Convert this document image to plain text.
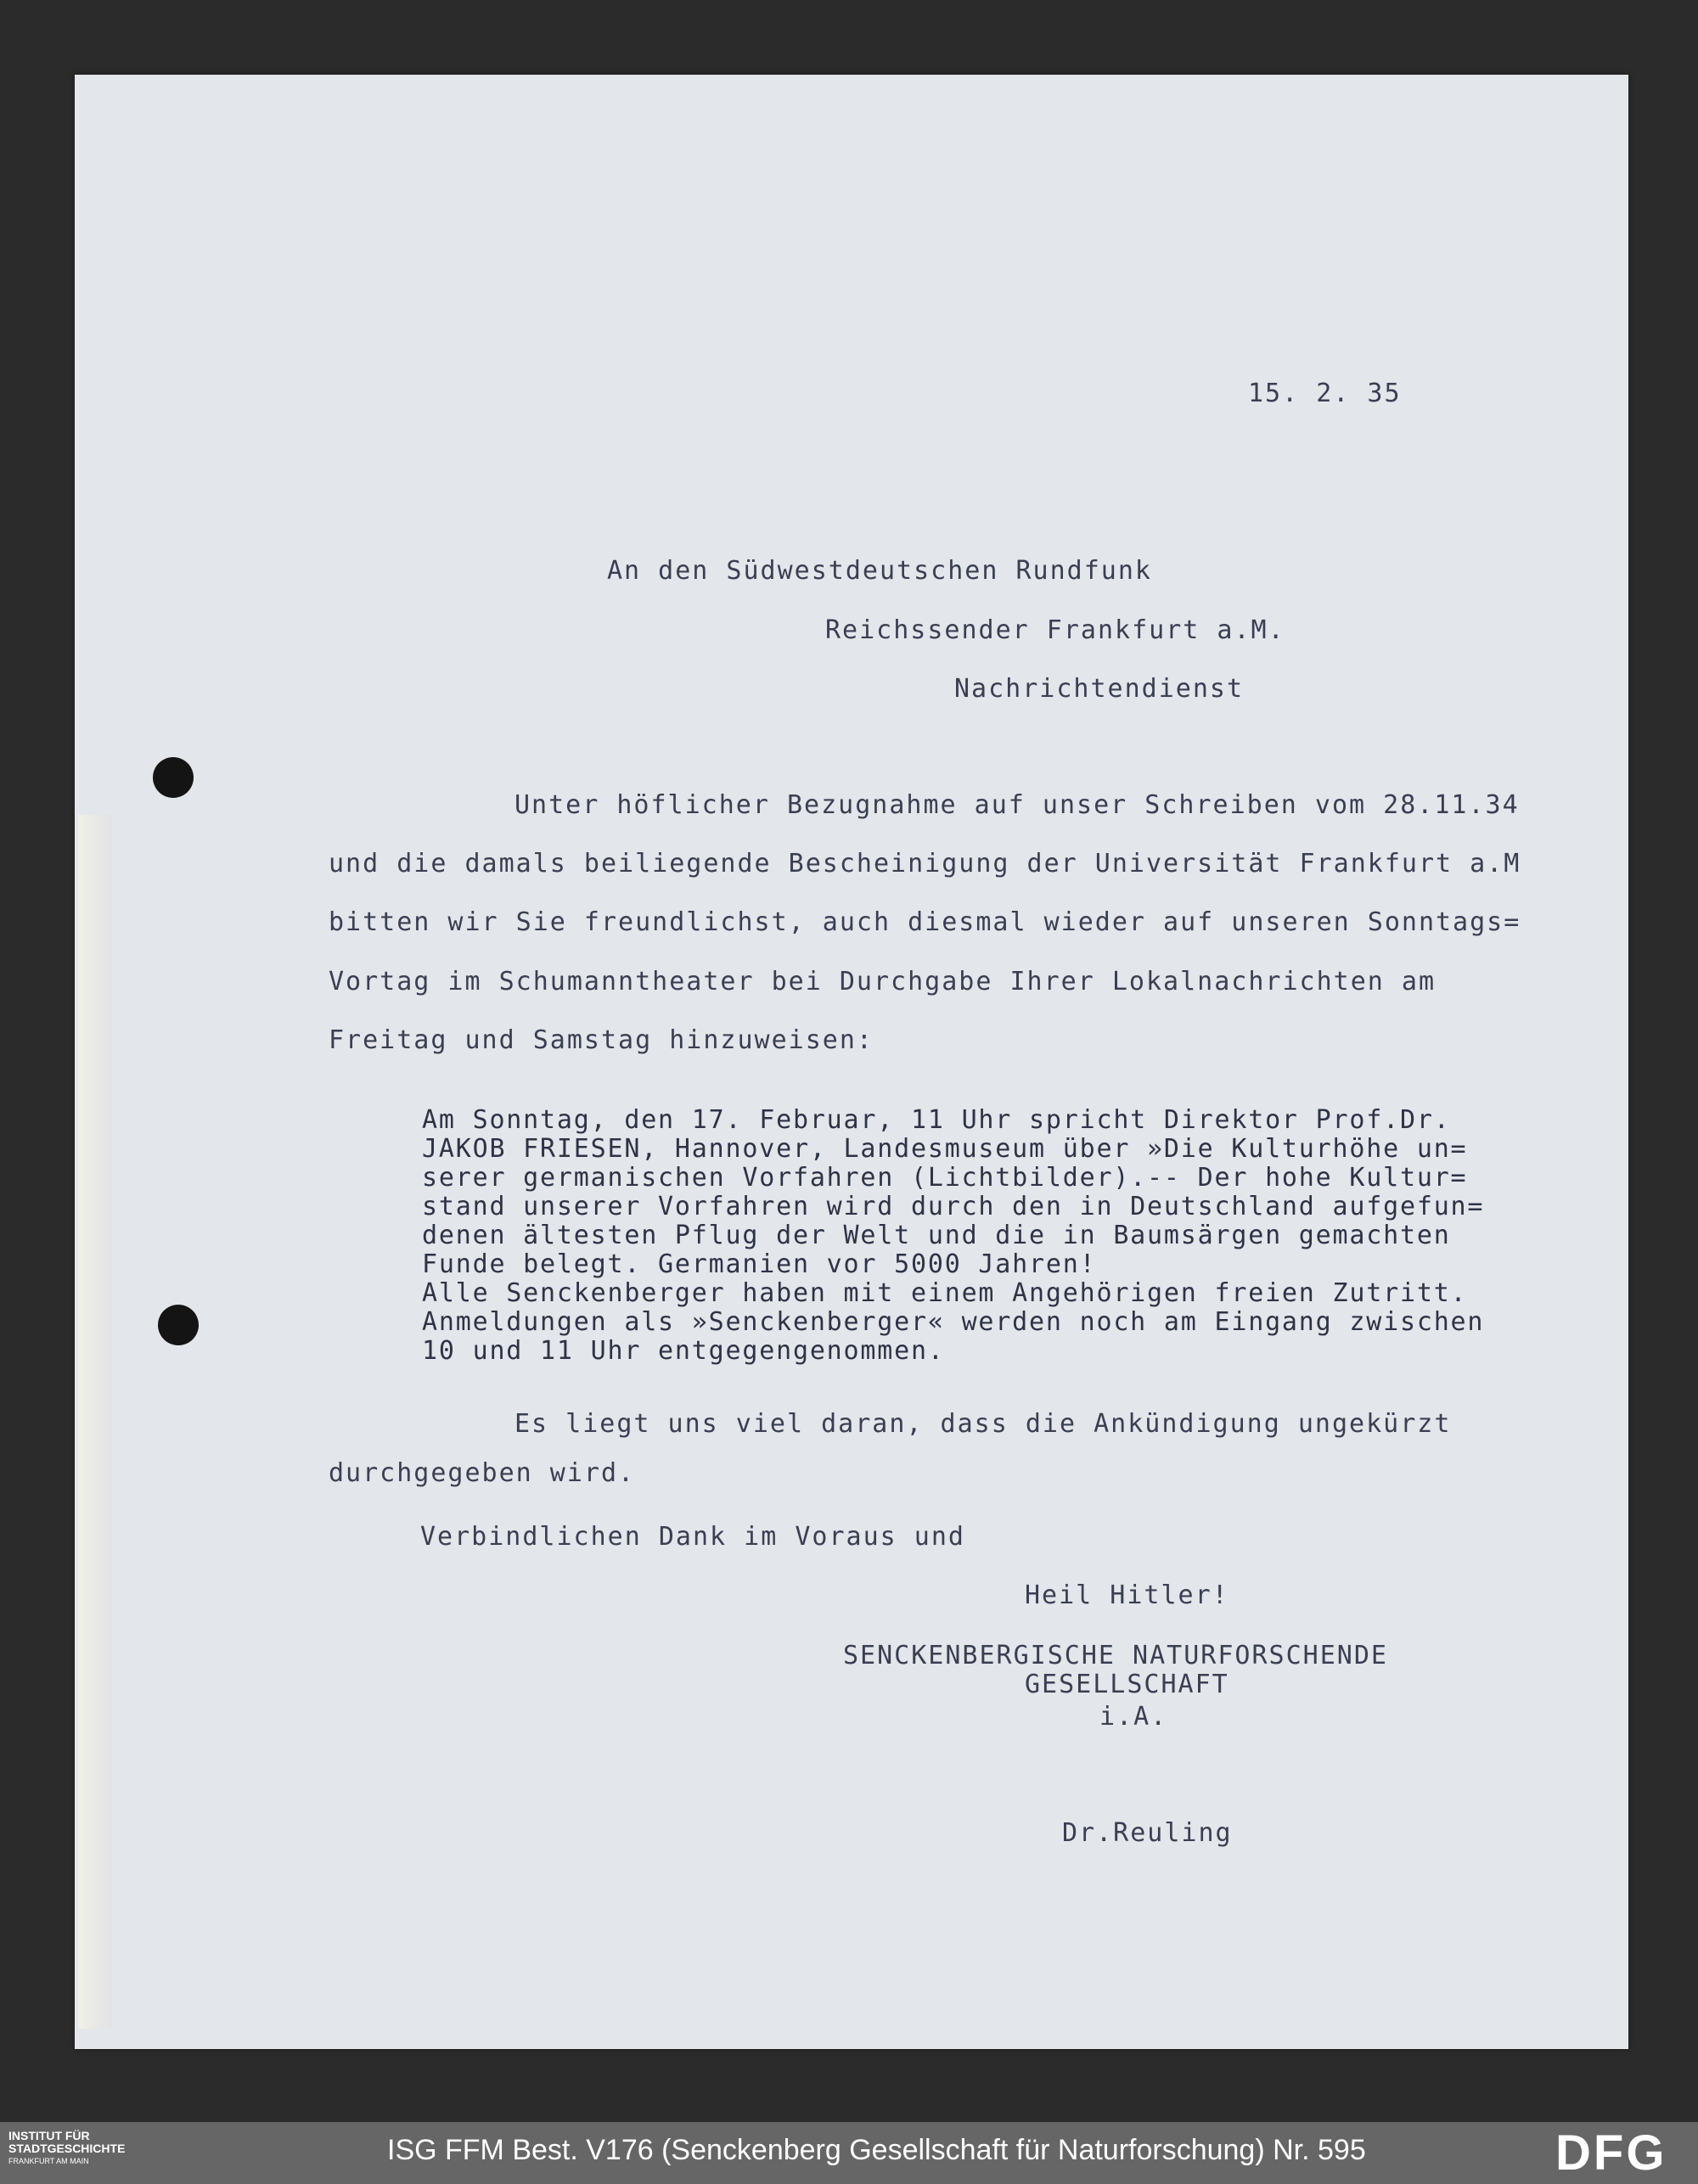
15. 2. 35
An den Südwestdeutschen Rundfunk
Reichssender Frankfurt a.M.
Nachrichtendienst
Unter höflicher Bezugnahme auf unser Schreiben vom 28.11.34
und die damals beiliegende Bescheinigung der Universität Frankfurt a.M
bitten wir Sie freundlichst, auch diesmal wieder auf unseren Sonntags=
Vortag im Schumanntheater bei Durchgabe Ihrer Lokalnachrichten am
Freitag und Samstag hinzuweisen:
Am Sonntag, den 17. Februar, 11 Uhr spricht Direktor Prof.Dr.
JAKOB FRIESEN, Hannover, Landesmuseum über »Die Kulturhöhe un=
serer germanischen Vorfahren (Lichtbilder).-- Der hohe Kultur=
stand unserer Vorfahren wird durch den in Deutschland aufgefun=
denen ältesten Pflug der Welt und die in Baumsärgen gemachten
Funde belegt. Germanien vor 5000 Jahren!
Alle Senckenberger haben mit einem Angehörigen freien Zutritt.
Anmeldungen als »Senckenberger« werden noch am Eingang zwischen
10 und 11 Uhr entgegengenommen.
Es liegt uns viel daran, dass die Ankündigung ungekürzt
durchgegeben wird.
Verbindlichen Dank im Voraus und
Heil Hitler!
SENCKENBERGISCHE NATURFORSCHENDE
GESELLSCHAFT
i.A.
Dr.Reuling
INSTITUT FÜR
STADTGESCHICHTE
FRANKFURT AM MAIN	ISG FFM Best. V176 (Senckenberg Gesellschaft für Naturforschung) Nr. 595	DFG
